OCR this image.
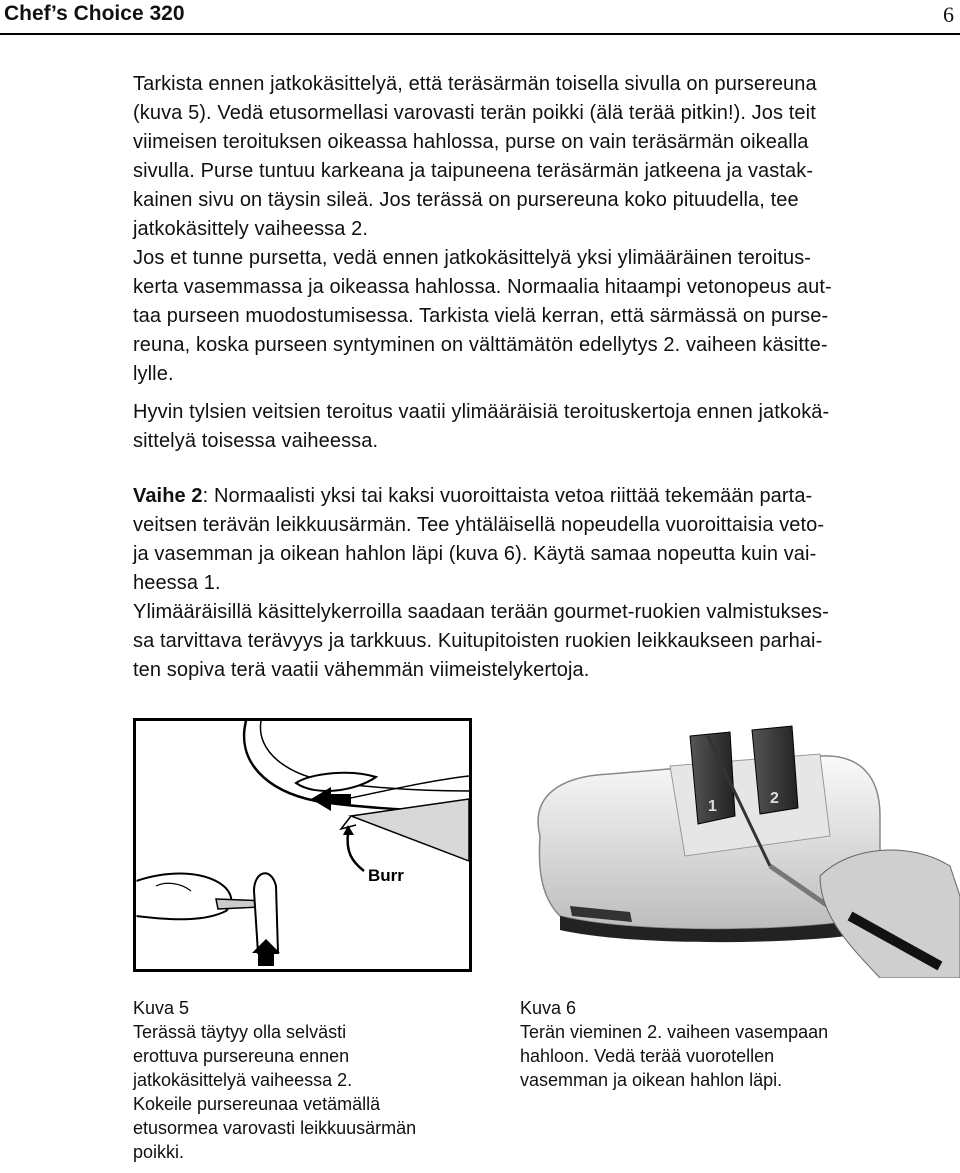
Chef’s Choice 320	6

Tarkista ennen jatkokäsittelyä, että teräsärmän toisella sivulla on pursereuna

(kuva 5). Vedä etusormellasi varovasti terän poikki (älä terää pitkin!). Jos teit

viimeisen teroituksen oikeassa hahlossa, purse on vain teräsärmän oikealla

sivulla. Purse tuntuu karkeana ja taipuneena teräsärmän jatkeena ja vastak-

kainen sivu on täysin sileä. Jos terässä on pursereuna koko pituudella, tee

jatkokäsittely vaiheessa 2.

Jos et tunne pursetta, vedä ennen jatkokäsittelyä yksi ylimääräinen teroitus-

kerta vasemmassa ja oikeassa hahlossa. Normaalia hitaampi vetonopeus aut-

taa purseen muodostumisessa. Tarkista vielä kerran, että särmässä on purse-

reuna, koska purseen syntyminen on välttämätön edellytys 2. vaiheen käsitte-

lylle.

Hyvin tylsien veitsien teroitus vaatii ylimääräisiä teroituskertoja ennen jatkokä-

sittelyä toisessa vaiheessa.

Vaihe 2: Normaalisti yksi tai kaksi vuoroittaista vetoa riittää tekemään parta-

veitsen terävän leikkuusärmän. Tee yhtäläisellä nopeudella vuoroittaisia veto-

ja vasemman ja oikean hahlon läpi (kuva 6). Käytä samaa nopeutta kuin vai-

heessa 1.

Ylimääräisillä käsittelykerroilla saadaan terään gourmet-ruokien valmistukses-

sa tarvittava terävyys ja tarkkuus. Kuitupitoisten ruokien leikkaukseen parhai-

ten sopiva terä vaatii vähemmän viimeistelykertoja.

Burr
1	2
Kuva 5
Terässä täytyy olla selvästi
erottuva pursereuna ennen
jatkokäsittelyä vaiheessa 2.
Kokeile pursereunaa vetämällä
etusormea varovasti leikkuusärmän
poikki.
Kuva 6
Terän vieminen 2. vaiheen vasempaan
hahloon. Vedä terää vuorotellen
vasemman ja oikean hahlon läpi.
